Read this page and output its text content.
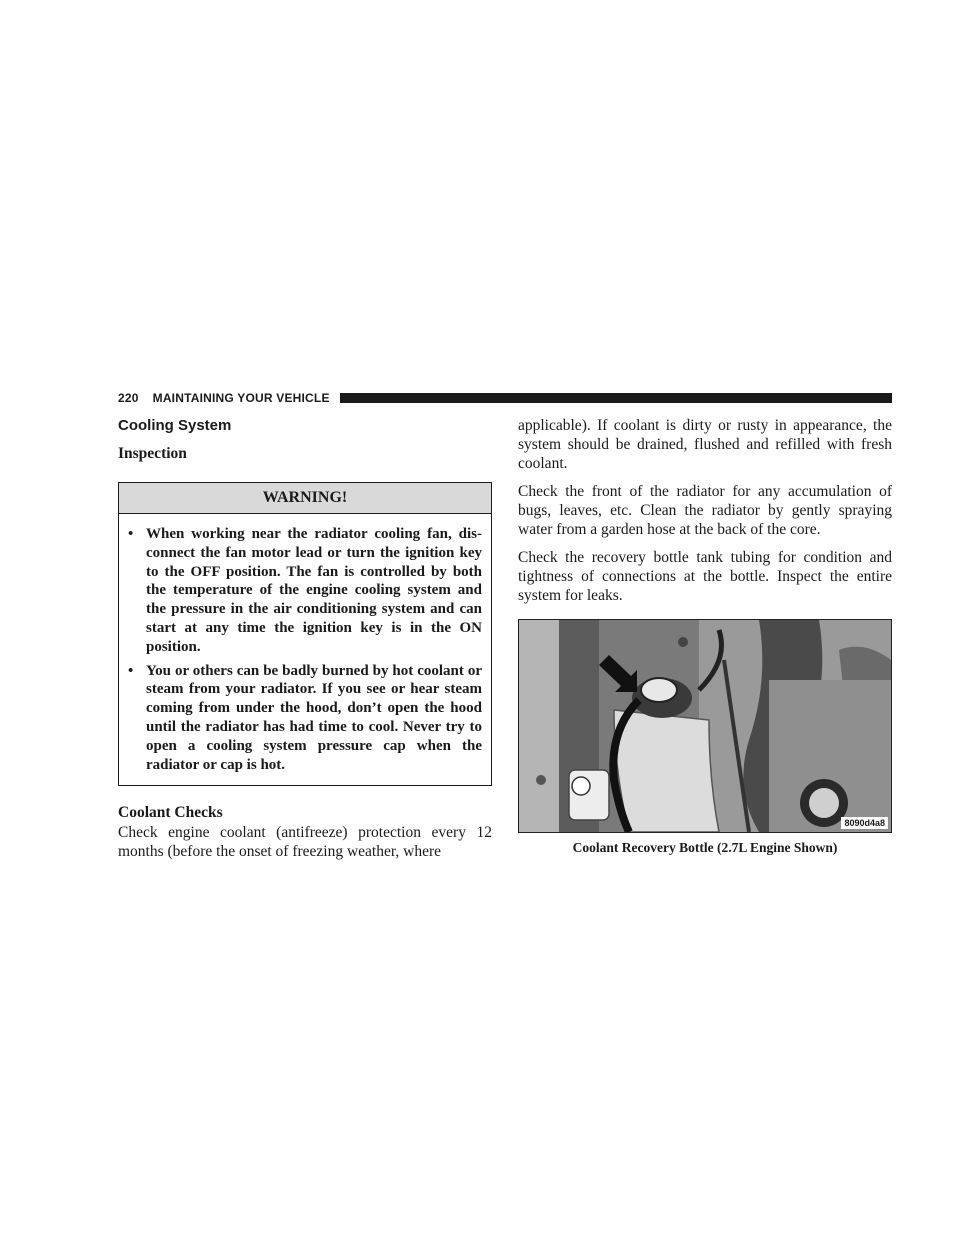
220 MAINTAINING YOUR VEHICLE
Cooling System
Inspection
WARNING!
• When working near the radiator cooling fan, dis-connect the fan motor lead or turn the ignition key to the OFF position. The fan is controlled by both the temperature of the engine cooling system and the pressure in the air conditioning system and can start at any time the ignition key is in the ON position.
• You or others can be badly burned by hot coolant or steam from your radiator. If you see or hear steam coming from under the hood, don’t open the hood until the radiator has had time to cool. Never try to open a cooling system pressure cap when the radiator or cap is hot.
Coolant Checks

Check engine coolant (antifreeze) protection every 12 months (before the onset of freezing weather, where

applicable). If coolant is dirty or rusty in appearance, the system should be drained, flushed and refilled with fresh coolant.

Check the front of the radiator for any accumulation of bugs, leaves, etc. Clean the radiator by gently spraying water from a garden hose at the back of the core.

Check the recovery bottle tank tubing for condition and tightness of connections at the bottle. Inspect the entire system for leaks.

8090d4a8
Coolant Recovery Bottle (2.7L Engine Shown)
